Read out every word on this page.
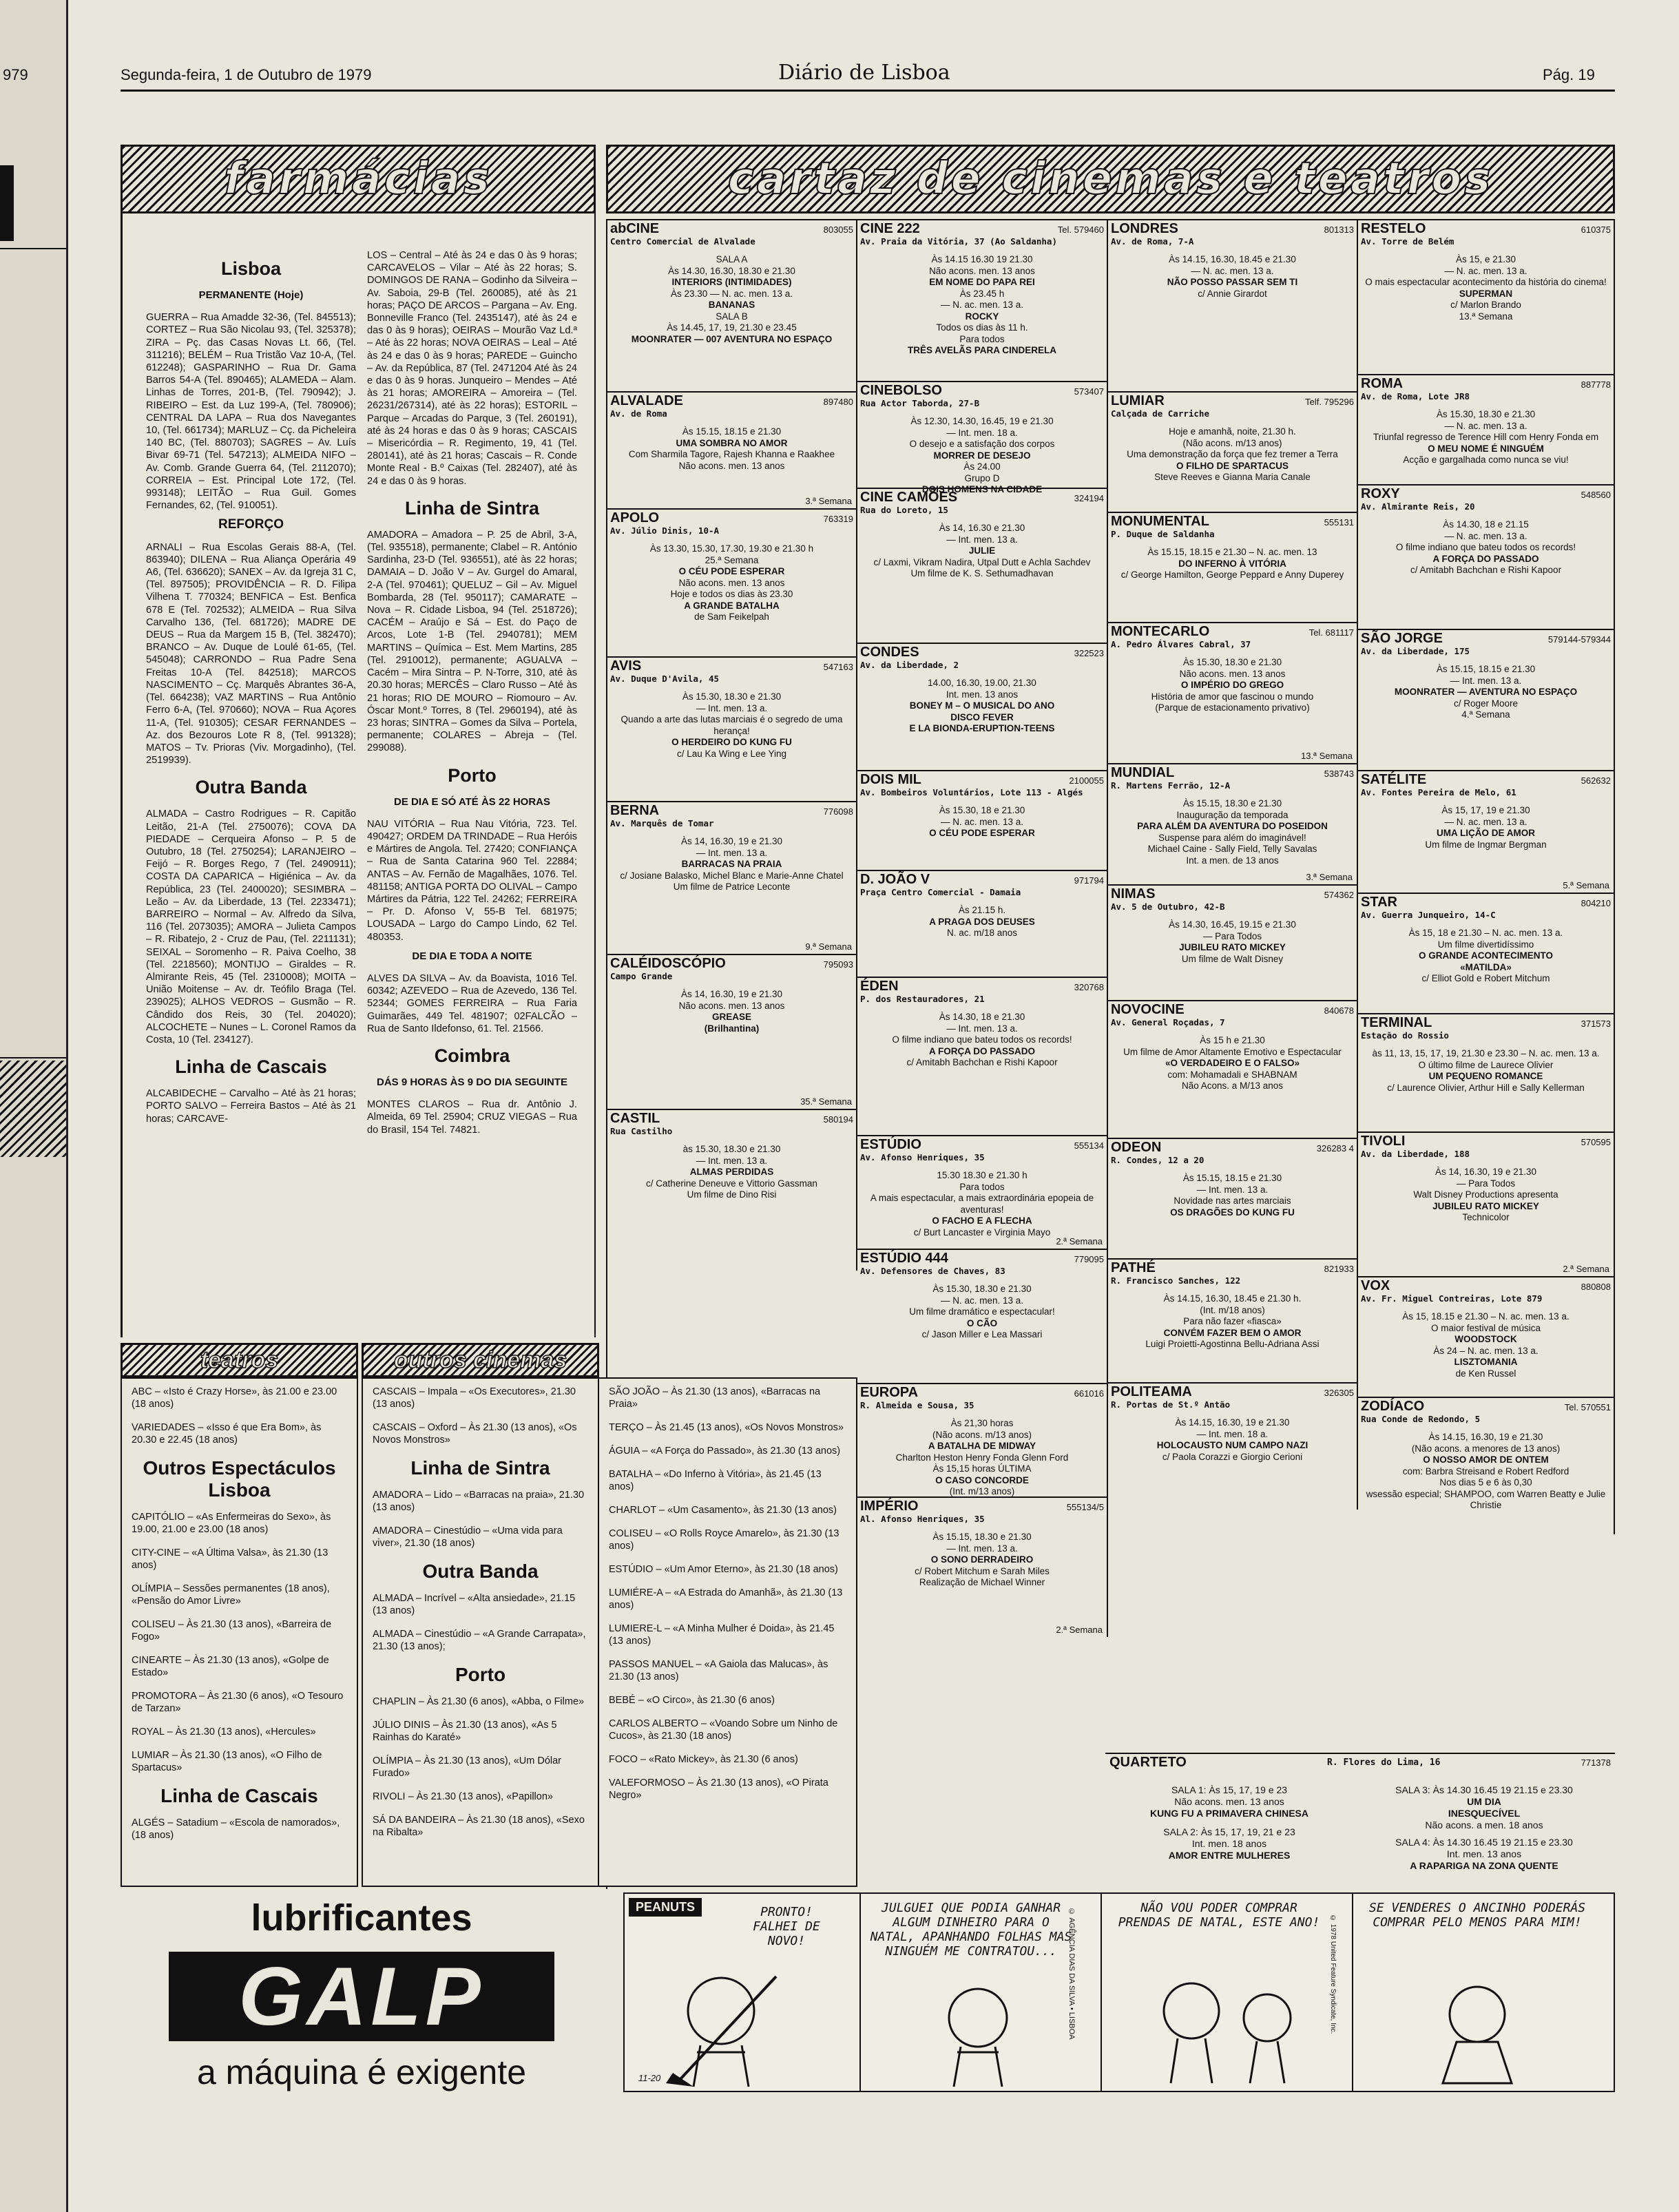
979	Segunda-feira, 1 de Outubro de 1979	Diário de Lisboa	Pág. 19
farmácias	cartaz de cinemas e teatros
Lisboa
PERMANENTE (Hoje)

GUERRA – Rua Amadde 32-36, (Tel. 845513); CORTEZ – Rua São Nicolau 93, (Tel. 325378); ZIRA – Pç. das Casas Novas Lt. 66, (Tel. 311216); BELÉM – Rua Tristão Vaz 10-A, (Tel. 612248); GASPARINHO – Rua Dr. Gama Barros 54-A (Tel. 890465); ALAMEDA – Alam. Linhas de Torres, 201-B, (Tel. 790942); J. RIBEIRO – Est. da Luz 199-A, (Tel. 780906); CENTRAL DA LAPA – Rua dos Navegantes 10, (Tel. 661734); MARLUZ – Cç. da Picheleira 140 BC, (Tel. 880703); SAGRES – Av. Luís Bivar 69-71 (Tel. 547213); ALMEIDA NIFO – Av. Comb. Grande Guerra 64, (Tel. 2112070); CORREIA – Est. Principal Lote 172, (Tel. 993148); LEITÃO – Rua Guil. Gomes Fernandes, 62, (Tel. 910051).

REFORÇO

ARNALI – Rua Escolas Gerais 88-A, (Tel. 863940); DILENA – Rua Aliança Operária 49 A6, (Tel. 636620); SANEX – Av. da Igreja 31 C, (Tel. 897505); PROVIDÊNCIA – R. D. Filipa Vilhena T. 770324; BENFICA – Est. Benfica 678 E (Tel. 702532); ALMEIDA – Rua Silva Carvalho 136, (Tel. 681726); MADRE DE DEUS – Rua da Margem 15 B, (Tel. 382470); BRANCO – Av. Duque de Loulé 61-65, (Tel. 545048); CARRONDO – Rua Padre Sena Freitas 10-A (Tel. 842518); MARCOS NASCIMENTO – Cç. Marquês Abrantes 36-A, (Tel. 664238); VAZ MARTINS – Rua Antônio Ferro 6-A, (Tel. 970660); NOVA – Rua Açores 11-A, (Tel. 910305); CESAR FERNANDES – Az. dos Bezouros Lote R 8, (Tel. 991328); MATOS – Tv. Prioras (Viv. Morgadinho), (Tel. 2519939).

Outra Banda

ALMADA – Castro Rodrigues – R. Capitão Leitão, 21-A (Tel. 2750076); COVA DA PIEDADE – Cerqueira Afonso – P. 5 de Outubro, 18 (Tel. 2750254); LARANJEIRO – Feijó – R. Borges Rego, 7 (Tel. 2490911); COSTA DA CAPARICA – Higiénica – Av. da República, 23 (Tel. 2400020); SESIMBRA – Leão – Av. da Liberdade, 13 (Tel. 2233471); BARREIRO – Normal – Av. Alfredo da Silva, 116 (Tel. 2073035); AMORA – Julieta Campos – R. Ribatejo, 2 - Cruz de Pau, (Tel. 2211131); SEIXAL – Soromenho – R. Paiva Coelho, 38 (Tel. 2218560); MONTIJO – Giraldes – R. Almirante Reis, 45 (Tel. 2310008); MOITA – União Moitense – Av. dr. Teófilo Braga (Tel. 239025); ALHOS VEDROS – Gusmão – R. Cândido dos Reis, 30 (Tel. 204020); ALCOCHETE – Nunes – L. Coronel Ramos da Costa, 10 (Tel. 234127).

Linha de Cascais

ALCABIDECHE – Carvalho – Até às 21 horas; PORTO SALVO – Ferreira Bastos – Até às 21 horas; CARCAVE-

LOS – Central – Até às 24 e das 0 às 9 horas; CARCAVELOS – Vilar – Até às 22 horas; S. DOMINGOS DE RANA – Godinho da Silveira – Av. Saboia, 29-B (Tel. 260085), até às 21 horas; PAÇO DE ARCOS – Pargana – Av. Eng. Bonneville Franco (Tel. 2435147), até às 24 e das 0 às 9 horas); OEIRAS – Mourão Vaz Ld.ª – Até às 22 horas; NOVA OEIRAS – Leal – Até às 24 e das 0 às 9 horas; PAREDE – Guincho – Av. da República, 87 (Tel. 2471204 Até às 24 e das 0 às 9 horas. Junqueiro – Mendes – Até às 21 horas; AMOREIRA – Amoreira – (Tel. 26231/267314), até às 22 horas); ESTORIL – Parque – Arcadas do Parque, 3 (Tel. 260191), até às 24 horas e das 0 às 9 horas; CASCAIS – Misericórdia – R. Regimento, 19, 41 (Tel. 280141), até às 21 horas; Cascais – R. Conde Monte Real - B.º Caixas (Tel. 282407), até às 24 e das 0 às 9 horas.

Linha de Sintra

AMADORA – Amadora – P. 25 de Abril, 3-A, (Tel. 935518), permanente; Clabel – R. António Sardinha, 23-D (Tel. 936551), até às 22 horas; DAMAIA – D. João V – Av. Gurgel do Amaral, 2-A (Tel. 970461); QUELUZ – Gil – Av. Miguel Bombarda, 28 (Tel. 950117); CAMARATE – Nova – R. Cidade Lisboa, 94 (Tel. 2518726); CACÉM – Araújo e Sá – Est. do Paço de Arcos, Lote 1-B (Tel. 2940781); MEM MARTINS – Química – Est. Mem Martins, 285 (Tel. 2910012), permanente; AGUALVA – Cacém – Mira Sintra – P. N-Torre, 310, até às 20.30 horas; MERCÊS – Claro Russo – Até às 21 horas; RIO DE MOURO – Riomouro – Av. Óscar Mont.º Torres, 8 (Tel. 2960194), até às 23 horas; SINTRA – Gomes da Silva – Portela, permanente; COLARES – Abreja – (Tel. 299088).

Porto
DE DIA E SÓ ATÉ ÀS 22 HORAS

NAU VITÓRIA – Rua Nau Vitória, 723. Tel. 490427; ORDEM DA TRINDADE – Rua Heróis e Mártires de Angola. Tel. 27420; CONFIANÇA – Rua de Santa Catarina 960 Tel. 22884; ANTAS – Av. Fernão de Magalhães, 1076. Tel. 481158; ANTIGA PORTA DO OLIVAL – Campo Mártires da Pátria, 122 Tel. 24262; FERREIRA – Pr. D. Afonso V, 55-B Tel. 681975; LOUSADA – Largo do Campo Lindo, 62 Tel. 480353.

DE DIA E TODA A NOITE

ALVES DA SILVA – Av. da Boavista, 1016 Tel. 60342; AZEVEDO – Rua de Azevedo, 136 Tel. 52344; GOMES FERREIRA – Rua Faria Guimarães, 449 Tel. 481907; 02FALCÃO – Rua de Santo Ildefonso, 61. Tel. 21566.

Coimbra
DÁS 9 HORAS ÀS 9 DO DIA SEGUINTE

MONTES CLAROS – Rua dr. Antônio J. Almeida, 69 Tel. 25904; CRUZ VIEGAS – Rua do Brasil, 154 Tel. 74821.

abCINE	803055
Centro Comercial de Alvalade
SALA A
Às 14.30, 16.30, 18.30 e 21.30
INTERIORS (INTIMIDADES)
Às 23.30 — N. ac. men. 13 a.
BANANAS
SALA B
Às 14.45, 17, 19, 21.30 e 23.45
MOONRATER — 007 AVENTURA NO ESPAÇO
ALVALADE	897480
Av. de Roma
Às 15.15, 18.15 e 21.30
UMA SOMBRA NO AMOR
Com Sharmila Tagore, Rajesh Khanna e Raakhee
Não acons. men. 13 anos
3.ª Semana
APOLO	763319
Av. Júlio Dinis, 10-A
Às 13.30, 15.30, 17.30, 19.30 e 21.30 h
25.ª Semana
O CÉU PODE ESPERAR
Não acons. men. 13 anos
Hoje e todos os dias às 23.30
A GRANDE BATALHA
de Sam Feikelpah
AVIS	547163
Av. Duque D'Avila, 45
Às 15.30, 18.30 e 21.30
— Int. men. 13 a.
Quando a arte das lutas marciais é o segredo de uma herança!
O HERDEIRO DO KUNG FU
c/ Lau Ka Wing e Lee Ying
BERNA	776098
Av. Marquês de Tomar
Às 14, 16.30, 19 e 21.30
— Int. men. 13 a.
BARRACAS NA PRAIA
c/ Josiane Balasko, Michel Blanc e Marie-Anne Chatel
Um filme de Patrice Leconte
9.ª Semana
CALÉIDOSCÓPIO	795093
Campo Grande
Às 14, 16.30, 19 e 21.30
Não acons. men. 13 anos
GREASE
(Brilhantina)
35.ª Semana
CASTIL	580194
Rua Castilho
às 15.30, 18.30 e 21.30
— Int. men. 13 a.
ALMAS PERDIDAS
c/ Catherine Deneuve e Vittorio Gassman
Um filme de Dino Risi
CINE 222	Tel. 579460
Av. Praia da Vitória, 37 (Ao Saldanha)
Às 14.15 16.30 19 21.30
Não acons. men. 13 anos
EM NOME DO PAPA REI
Às 23.45 h
— N. ac. men. 13 a.
ROCKY
Todos os dias às 11 h.
Para todos
TRÊS AVELÃS PARA CINDERELA
CINEBOLSO	573407
Rua Actor Taborda, 27-B
Às 12.30, 14.30, 16.45, 19 e 21.30
— Int. men. 18 a.
O desejo e a satisfação dos corpos
MORRER DE DESEJO
Às 24.00
Grupo D
DOIS HOMENS NA CIDADE
CINE CAMÕES	324194
Rua do Loreto, 15
Às 14, 16.30 e 21.30
— Int. men. 13 a.
JULIE
c/ Laxmi, Vikram Nadira, Utpal Dutt e Achla Sachdev
Um filme de K. S. Sethumadhavan
CONDES	322523
Av. da Liberdade, 2
14.00, 16.30, 19.00, 21.30
Int. men. 13 anos
BONEY M – O MUSICAL DO ANO
DISCO FEVER
E LA BIONDA-ERUPTION-TEENS
DOIS MIL	2100055
Av. Bombeiros Voluntários, Lote 113 - Algés
Às 15.30, 18 e 21.30
— N. ac. men. 13 a.
O CÉU PODE ESPERAR
D. JOÃO V	971794
Praça Centro Comercial - Damaia
Às 21.15 h.
A PRAGA DOS DEUSES
N. ac. m/18 anos
ÉDEN	320768
P. dos Restauradores, 21
Às 14.30, 18 e 21.30
— Int. men. 13 a.
O filme indiano que bateu todos os records!
A FORÇA DO PASSADO
c/ Amitabh Bachchan e Rishi Kapoor
ESTÚDIO	555134
Av. Afonso Henriques, 35
15.30 18.30 e 21.30 h
Para todos
A mais espectacular, a mais extraordinária epopeia de aventuras!
O FACHO E A FLECHA
c/ Burt Lancaster e Virginia Mayo
2.ª Semana
ESTÚDIO 444	779095
Av. Defensores de Chaves, 83
Às 15.30, 18.30 e 21.30
— N. ac. men. 13 a.
Um filme dramático e espectacular!
O CÃO
c/ Jason Miller e Lea Massari
EUROPA	661016
R. Almeida e Sousa, 35
Às 21,30 horas
(Não acons. m/13 anos)
A BATALHA DE MIDWAY
Charlton Heston Henry Fonda Glenn Ford
Às 15,15 horas ÚLTIMA
O CASO CONCORDE
(Int. m/13 anos)
IMPÉRIO	555134/5
Al. Afonso Henriques, 35
Às 15.15, 18.30 e 21.30
— Int. men. 13 a.
O SONO DERRADEIRO
c/ Robert Mitchum e Sarah Miles
Realização de Michael Winner
2.ª Semana
LONDRES	801313
Av. de Roma, 7-A
Às 14.15, 16.30, 18.45 e 21.30
— N. ac. men. 13 a.
NÃO POSSO PASSAR SEM TI
c/ Annie Girardot
LUMIAR	Telf. 795296
Calçada de Carriche
Hoje e amanhã, noite, 21.30 h.
(Não acons. m/13 anos)
Uma demonstração da força que fez tremer a Terra
O FILHO DE SPARTACUS
Steve Reeves e Gianna Maria Canale
MONUMENTAL	555131
P. Duque de Saldanha
Às 15.15, 18.15 e 21.30 – N. ac. men. 13
DO INFERNO À VITÓRIA
c/ George Hamilton, George Peppard e Anny Duperey
MONTECARLO	Tel. 681117
A. Pedro Álvares Cabral, 37
Às 15.30, 18.30 e 21.30
Não acons. men. 13 anos
O IMPÉRIO DO GREGO
História de amor que fascinou o mundo
(Parque de estacionamento privativo)
13.ª Semana
MUNDIAL	538743
R. Martens Ferrão, 12-A
Às 15.15, 18.30 e 21.30
Inauguração da temporada
PARA ALÉM DA AVENTURA DO POSEIDON
Suspense para além do imaginável!
Michael Caine - Sally Field, Telly Savalas
Int. a men. de 13 anos
3.ª Semana
NIMAS	574362
Av. 5 de Outubro, 42-B
Às 14.30, 16.45, 19.15 e 21.30
— Para Todos
JUBILEU RATO MICKEY
Um filme de Walt Disney
NOVOCINE	840678
Av. General Roçadas, 7
Às 15 h e 21.30
Um filme de Amor Altamente Emotivo e Espectacular
«O VERDADEIRO E O FALSO»
com: Mohamadali e SHABNAM
Não Acons. a M/13 anos
ODEON	326283 4
R. Condes, 12 a 20
Às 15.15, 18.15 e 21.30
— Int. men. 13 a.
Novidade nas artes marciais
OS DRAGÕES DO KUNG FU
PATHÉ	821933
R. Francisco Sanches, 122
Às 14.15, 16.30, 18.45 e 21.30 h.
(Int. m/18 anos)
Para não fazer «fiasca»
CONVÉM FAZER BEM O AMOR
Luigi Proietti-Agostinna Bellu-Adriana Assi
POLITEAMA	326305
R. Portas de St.º Antão
Às 14.15, 16.30, 19 e 21.30
— Int. men. 18 a.
HOLOCAUSTO NUM CAMPO NAZI
c/ Paola Corazzi e Giorgio Cerioni
RESTELO	610375
Av. Torre de Belém
Às 15, e 21.30
— N. ac. men. 13 a.
O mais espectacular acontecimento da história do cinema!
SUPERMAN
c/ Marlon Brando
13.ª Semana
ROMA	887778
Av. de Roma, Lote JR8
Às 15.30, 18.30 e 21.30
— N. ac. men. 13 a.
Triunfal regresso de Terence Hill com Henry Fonda em
O MEU NOME É NINGUÉM
Acção e gargalhada como nunca se viu!
ROXY	548560
Av. Almirante Reis, 20
Às 14.30, 18 e 21.15
— N. ac. men. 13 a.
O filme indiano que bateu todos os records!
A FORÇA DO PASSADO
c/ Amitabh Bachchan e Rishi Kapoor
SÃO JORGE	579144-579344
Av. da Liberdade, 175
Às 15.15, 18.15 e 21.30
— Int. men. 13 a.
MOONRATER — AVENTURA NO ESPAÇO
c/ Roger Moore
4.ª Semana
SATÉLITE	562632
Av. Fontes Pereira de Melo, 61
Às 15, 17, 19 e 21.30
— N. ac. men. 13 a.
UMA LIÇÃO DE AMOR
Um filme de Ingmar Bergman
5.ª Semana
STAR	804210
Av. Guerra Junqueiro, 14-C
Às 15, 18 e 21.30 – N. ac. men. 13 a.
Um filme divertidíssimo
O GRANDE ACONTECIMENTO
«MATILDA»
c/ Elliot Gold e Robert Mitchum
TERMINAL	371573
Estação do Rossio
às 11, 13, 15, 17, 19, 21.30 e 23.30 – N. ac. men. 13 a.
O último filme de Laurece Olivier
UM PEQUENO ROMANCE
c/ Laurence Olivier, Arthur Hill e Sally Kellerman
TIVOLI	570595
Av. da Liberdade, 188
Às 14, 16.30, 19 e 21.30
— Para Todos
Walt Disney Productions apresenta
JUBILEU RATO MICKEY
Technicolor
2.ª Semana
VOX	880808
Av. Fr. Miguel Contreiras, Lote 879
Às 15, 18.15 e 21.30 – N. ac. men. 13 a.
O maior festival de música
WOODSTOCK
Às 24 – N. ac. men. 13 a.
LISZTOMANIA
de Ken Russel
ZODÍACO	Tel. 570551
Rua Conde de Redondo, 5
Às 14.15, 16.30, 19 e 21.30
(Não acons. a menores de 13 anos)
O NOSSO AMOR DE ONTEM
com: Barbra Streisand e Robert Redford
Nos dias 5 e 6 às 0,30
wsessão especial; SHAMPOO, com Warren Beatty e Julie Christie
QUARTETO	R. Flores do Lima, 16	771378
SALA 1: Às 15, 17, 19 e 23
Não acons. men. 13 anos
KUNG FU A PRIMAVERA CHINESA
SALA 2: Às 15, 17, 19, 21 e 23
Int. men. 18 anos
AMOR ENTRE MULHERES
SALA 3: Às 14.30 16.45 19 21.15 e 23.30
UM DIA
INESQUECÍVEL
Não acons. a men. 18 anos
SALA 4: Às 14.30 16.45 19 21.15 e 23.30
Int. men. 13 anos
A RAPARIGA NA ZONA QUENTE
teatros	outros cinemas

ABC – «Isto é Crazy Horse», às 21.00 e 23.00 (18 anos)

VARIEDADES – «Isso é que Era Bom», às 20.30 e 22.45 (18 anos)

Outros Espectáculos Lisboa

CAPITÓLIO – «As Enfermeiras do Sexo», às 19.00, 21.00 e 23.00 (18 anos)

CITY-CINE – «A Última Valsa», às 21.30 (13 anos)

OLÍMPIA – Sessões permanentes (18 anos), «Pensão do Amor Livre»

COLISEU – Às 21.30 (13 anos), «Barreira de Fogo»

CINEARTE – Às 21.30 (13 anos), «Golpe de Estado»

PROMOTORA – Às 21.30 (6 anos), «O Tesouro de Tarzan»

ROYAL – Às 21.30 (13 anos), «Hercules»

LUMIAR – Às 21.30 (13 anos), «O Filho de Spartacus»

Linha de Cascais

ALGÉS – Satadium – «Escola de namorados», (18 anos)

CASCAIS – Impala – «Os Executores», 21.30 (13 anos)

CASCAIS – Oxford – Às 21.30 (13 anos), «Os Novos Monstros»

Linha de Sintra

AMADORA – Lido – «Barracas na praia», 21.30 (13 anos)

AMADORA – Cinestúdio – «Uma vida para viver», 21.30 (18 anos)

Outra Banda

ALMADA – Incrível – «Alta ansiedade», 21.15 (13 anos)

ALMADA – Cinestúdio – «A Grande Carrapata», 21.30 (13 anos);

Porto

CHAPLIN – Às 21.30 (6 anos), «Abba, o Filme»

JÚLIO DINIS – Às 21.30 (13 anos), «As 5 Rainhas do Karaté»

OLÍMPIA – Às 21.30 (13 anos), «Um Dólar Furado»

RIVOLI – Às 21.30 (13 anos), «Papillon»

SÁ DA BANDEIRA – Às 21.30 (18 anos), «Sexo na Ribalta»

SÃO JOÃO – Às 21.30 (13 anos), «Barracas na Praia»

TERÇO – Às 21.45 (13 anos), «Os Novos Monstros»

ÁGUIA – «A Força do Passado», às 21.30 (13 anos)

BATALHA – «Do Inferno à Vitória», às 21.45 (13 anos)

CHARLOT – «Um Casamento», às 21.30 (13 anos)

COLISEU – «O Rolls Royce Amarelo», às 21.30 (13 anos)

ESTÚDIO – «Um Amor Eterno», às 21.30 (18 anos)

LUMIÉRE-A – «A Estrada do Amanhã», às 21.30 (13 anos)

LUMIERE-L – «A Minha Mulher é Doida», às 21.45 (13 anos)

PASSOS MANUEL – «A Gaiola das Malucas», às 21.30 (13 anos)

BEBÉ – «O Circo», às 21.30 (6 anos)

CARLOS ALBERTO – «Voando Sobre um Ninho de Cucos», às 21.30 (18 anos)

FOCO – «Rato Mickey», às 21.30 (6 anos)

VALEFORMOSO – Às 21.30 (13 anos), «O Pirata Negro»

lubrificantes
GALP
a máquina é exigente
PEANUTS	PRONTO! FALHEI DE NOVO!
11-20
JULGUEI QUE PODIA GANHAR ALGUM DINHEIRO PARA O NATAL, APANHANDO FOLHAS MAS NINGUÉM ME CONTRATOU...	© AGÊNCIA DIAS DA SILVA • LISBOA	NÃO VOU PODER COMPRAR PRENDAS DE NATAL, ESTE ANO!	© 1978 United Feature Syndicate, Inc.
SE VENDERES O ANCINHO PODERÁS COMPRAR PELO MENOS PARA MIM!
